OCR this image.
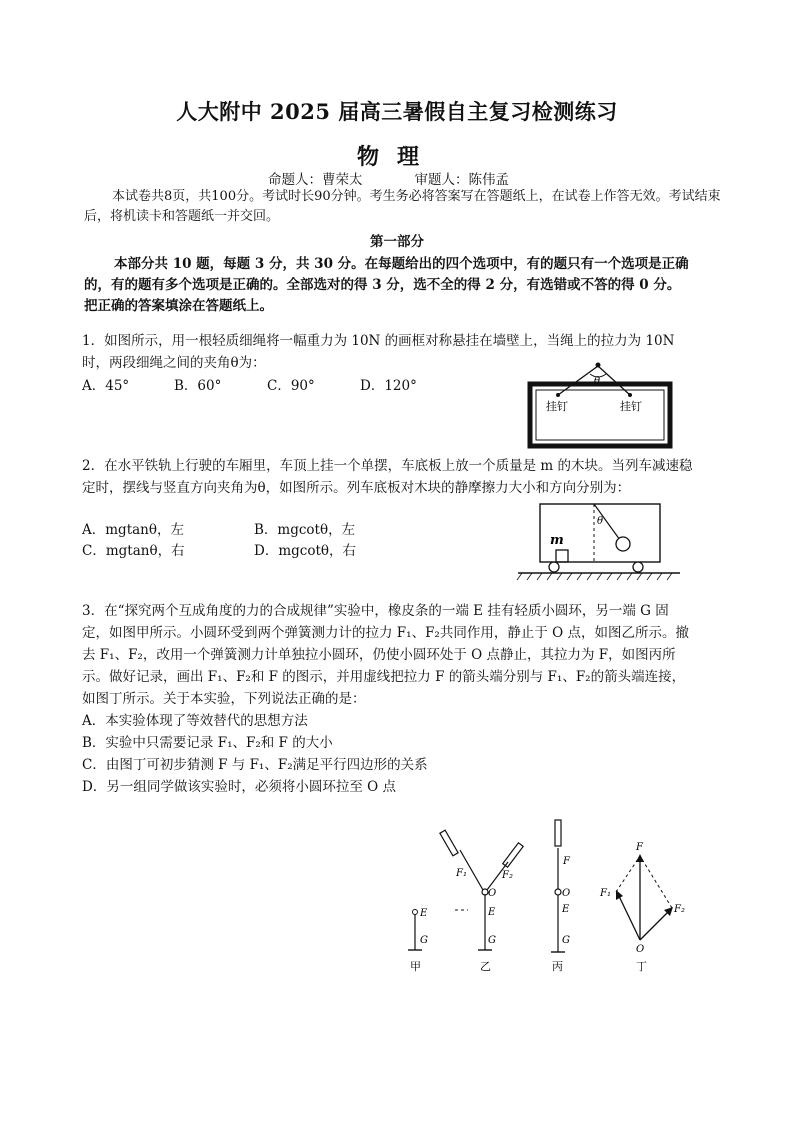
人大附中 2025 届高三暑假自主复习检测练习
物理
命题人：曹荣太	审题人：陈伟孟
本试卷共8页，共100分。考试时长90分钟。考生务必将答案写在答题纸上，在试卷上作答无效。考试结束后，将机读卡和答题纸一并交回。
第一部分
本部分共 10 题，每题 3 分，共 30 分。在每题给出的四个选项中，有的题只有一个选项是正确的，有的题有多个选项是正确的。全部选对的得 3 分，选不全的得 2 分，有选错或不答的得 0 分。把正确的答案填涂在答题纸上。
1．如图所示，用一根轻质细绳将一幅重力为 10N 的画框对称悬挂在墙壁上，当绳上的拉力为 10N 时，两段细绳之间的夹角θ为：
A．45°	B．60°	C．90°	D．120°	θ
挂钉	挂钉
2．在水平铁轨上行驶的车厢里，车顶上挂一个单摆，车底板上放一个质量是 m 的木块。当列车减速稳定时，摆线与竖直方向夹角为θ，如图所示。列车底板对木块的静摩擦力大小和方向分别为：
A．mgtanθ，左	B．mgcotθ，左
C．mgtanθ，右	D．mgcotθ，右
θ
m
3．在“探究两个互成角度的力的合成规律”实验中，橡皮条的一端 E 挂有轻质小圆环，另一端 G 固定，如图甲所示。小圆环受到两个弹簧测力计的拉力 F₁、F₂共同作用，静止于 O 点，如图乙所示。撤去 F₁、F₂，改用一个弹簧测力计单独拉小圆环，仍使小圆环处于 O 点静止，其拉力为 F，如图丙所示。做好记录，画出 F₁、F₂和 F 的图示，并用虚线把拉力 F 的箭头端分别与 F₁、F₂的箭头端连接，如图丁所示。关于本实验，下列说法正确的是：
A．本实验体现了等效替代的思想方法
B．实验中只需要记录 F₁、F₂和 F 的大小
C．由图丁可初步猜测 F 与 F₁、F₂满足平行四边形的关系
D．另一组同学做该实验时，必须将小圆环拉至 O 点
E
G
甲
F₁	F₂
O
E
G
乙
F
O
E
G
丙
F
F₁
F₂
O
丁
